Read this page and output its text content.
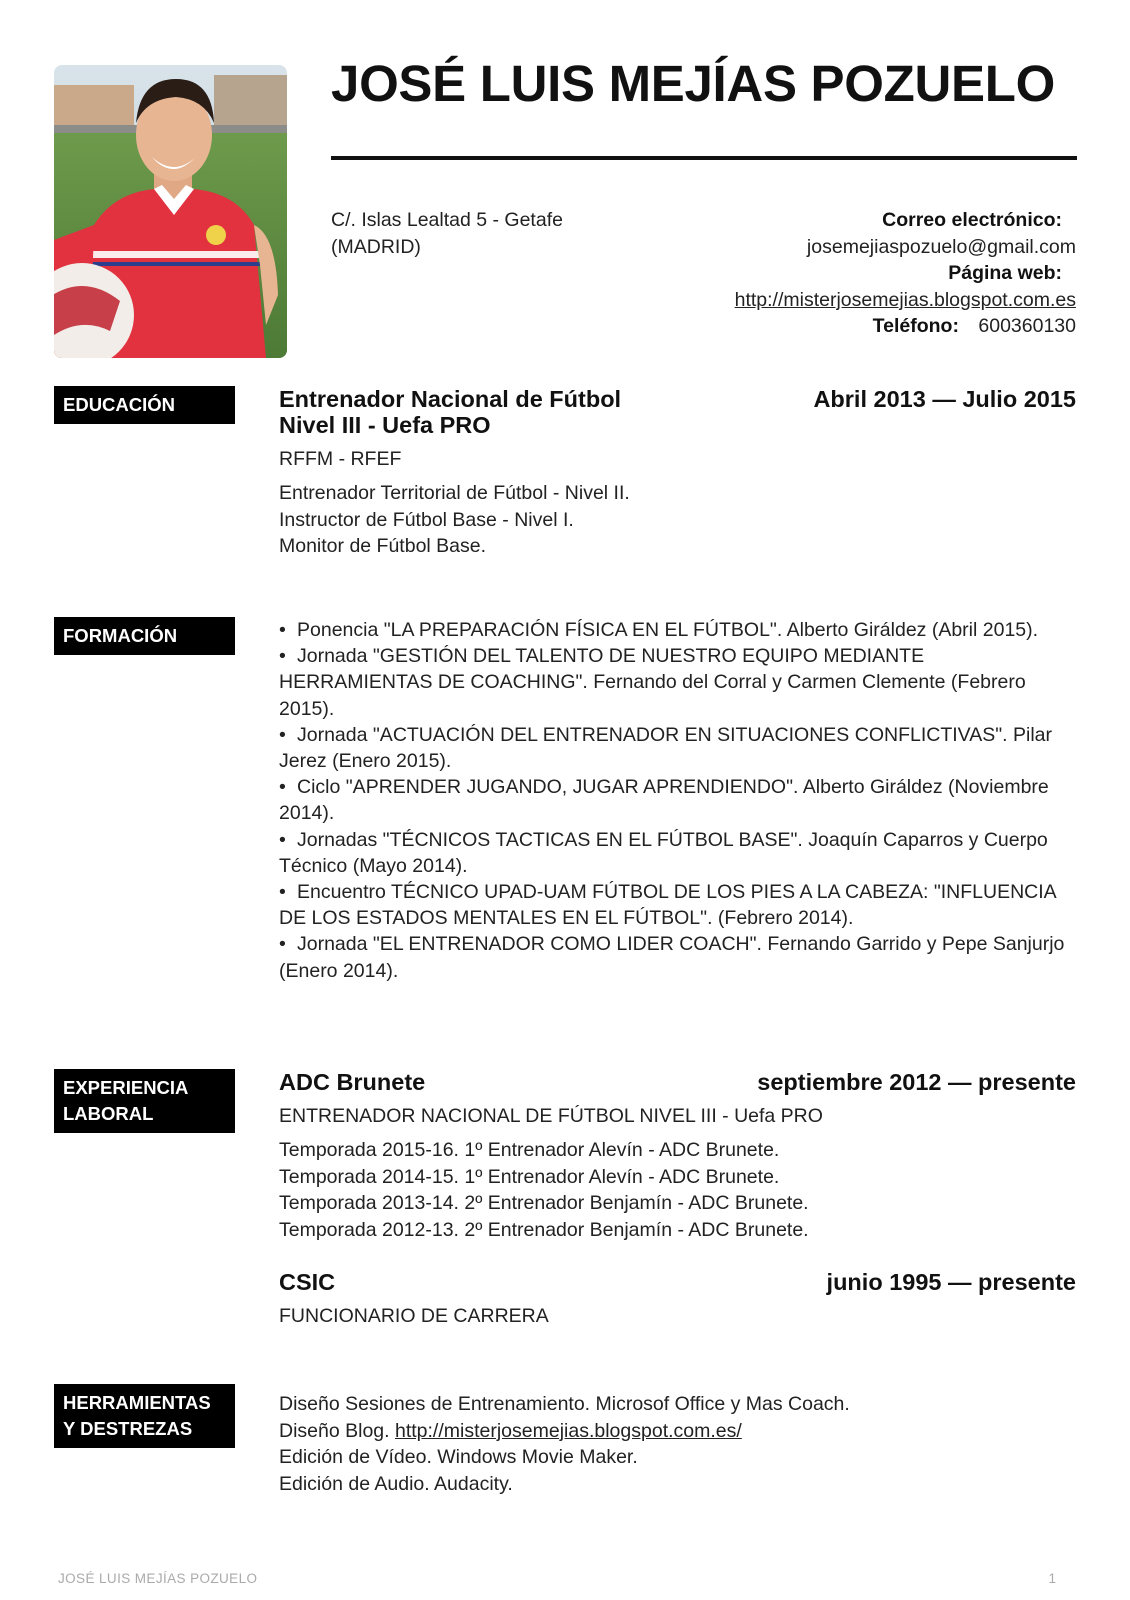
JOSÉ LUIS MEJÍAS POZUELO
C/. Islas Lealtad 5 - Getafe
(MADRID)
Correo electrónico:
josemejiaspozuelo@gmail.com
Página web:
http://misterjosemejias.blogspot.com.es
Teléfono: 600360130
EDUCACIÓN	Entrenador Nacional de Fútbol
Nivel III - Uefa PRO
Abril 2013 — Julio 2015
RFFM - RFEF
Entrenador Territorial de Fútbol - Nivel II.
Instructor de Fútbol Base - Nivel I.
Monitor de Fútbol Base.
FORMACIÓN	• Ponencia "LA PREPARACIÓN FÍSICA EN EL FÚTBOL". Alberto Giráldez (Abril 2015).
• Jornada "GESTIÓN DEL TALENTO DE NUESTRO EQUIPO MEDIANTE HERRAMIENTAS DE COACHING". Fernando del Corral y Carmen Clemente (Febrero 2015).
• Jornada "ACTUACIÓN DEL ENTRENADOR EN SITUACIONES CONFLICTIVAS". Pilar Jerez (Enero 2015).
• Ciclo "APRENDER JUGANDO, JUGAR APRENDIENDO". Alberto Giráldez (Noviembre 2014).
• Jornadas "TÉCNICOS TACTICAS EN EL FÚTBOL BASE". Joaquín Caparros y Cuerpo Técnico (Mayo 2014).
• Encuentro TÉCNICO UPAD-UAM FÚTBOL DE LOS PIES A LA CABEZA: "INFLUENCIA DE LOS ESTADOS MENTALES EN EL FÚTBOL". (Febrero 2014).
• Jornada "EL ENTRENADOR COMO LIDER COACH". Fernando Garrido y Pepe Sanjurjo (Enero 2014).
EXPERIENCIA
LABORAL
ADC Brunete	septiembre 2012 — presente
ENTRENADOR NACIONAL DE FÚTBOL NIVEL III - Uefa PRO
Temporada 2015-16. 1º Entrenador Alevín - ADC Brunete.
Temporada 2014-15. 1º Entrenador Alevín - ADC Brunete.
Temporada 2013-14. 2º Entrenador Benjamín - ADC Brunete.
Temporada 2012-13. 2º Entrenador Benjamín - ADC Brunete.
CSIC	junio 1995 — presente
FUNCIONARIO DE CARRERA
HERRAMIENTAS
Y DESTREZAS
Diseño Sesiones de Entrenamiento. Microsof Office y Mas Coach.
Diseño Blog. http://misterjosemejias.blogspot.com.es/
Edición de Vídeo. Windows Movie Maker.
Edición de Audio. Audacity.
JOSÉ LUIS MEJÍAS POZUELO	1
